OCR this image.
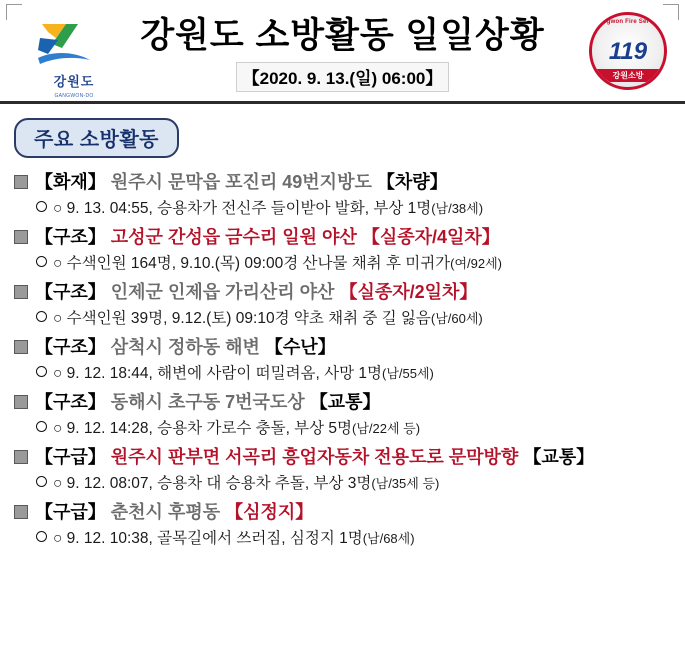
강원도
GANGWON-DO
강원도 소방활동 일일상황
【2020. 9. 13.(일) 06:00】
Gangwon Fire Service
119
강원소방
주요 소방활동
【화재】 원주시 문막읍 포진리 49번지방도 【차량】
○ 9. 13. 04:55, 승용차가 전신주 들이받아 발화, 부상 1명(남/38세)
【구조】 고성군 간성읍 금수리 일원 야산 【실종자/4일차】
○ 수색인원 164명, 9.10.(목) 09:00경 산나물 채취 후 미귀가(여/92세)
【구조】 인제군 인제읍 가리산리 야산 【실종자/2일차】
○ 수색인원 39명, 9.12.(토) 09:10경 약초 채취 중 길 잃음(남/60세)
【구조】 삼척시 정하동 해변 【수난】
○ 9. 12. 18:44, 해변에 사람이 떠밀려옴, 사망 1명(남/55세)
【구조】 동해시 초구동 7번국도상 【교통】
○ 9. 12. 14:28, 승용차 가로수 충돌, 부상 5명(남/22세 등)
【구급】 원주시 판부면 서곡리 흥업자동차 전용도로 문막방향 【교통】
○ 9. 12. 08:07, 승용차 대 승용차 추돌, 부상 3명(남/35세 등)
【구급】 춘천시 후평동 【심정지】
○ 9. 12. 10:38, 골목길에서 쓰러짐, 심정지 1명(남/68세)
